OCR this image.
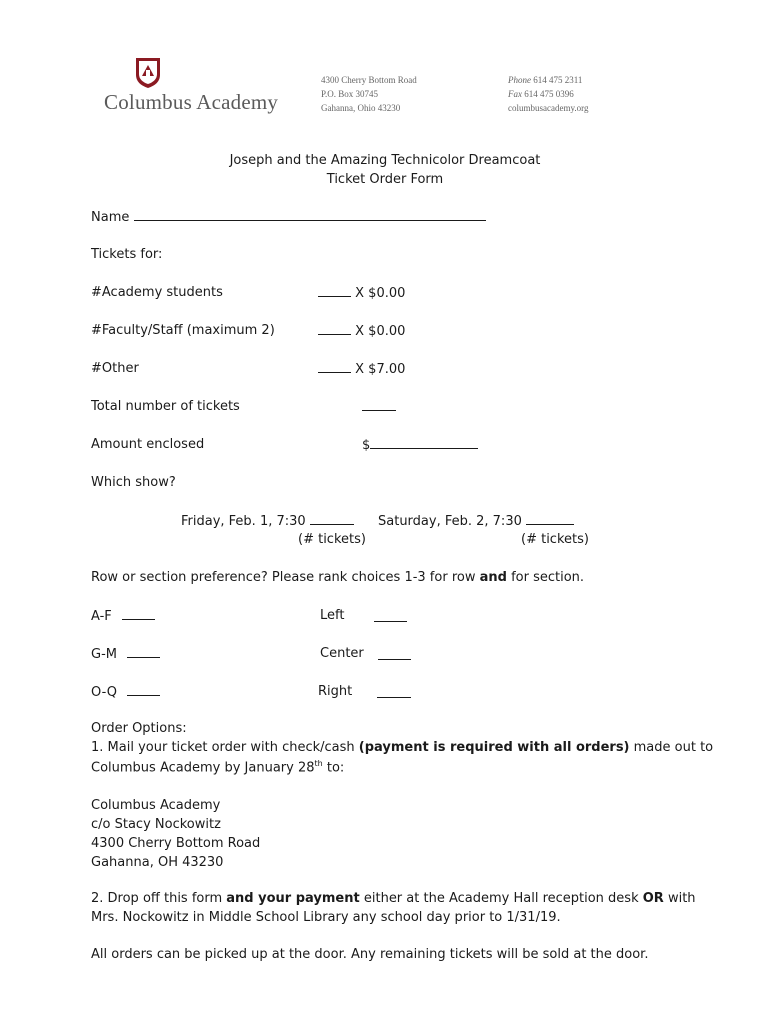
Columbus Academy
4300 Cherry Bottom Road
P.O. Box 30745
Gahanna, Ohio 43230
Phone 614 475 2311
Fax 614 475 0396
columbusacademy.org
Joseph and the Amazing Technicolor Dreamcoat
Ticket Order Form
Name
Tickets for:
#Academy students	X $0.00
#Faculty/Staff (maximum 2)	X $0.00
#Other	X $7.00
Total number of tickets
Amount enclosed	$
Which show?
Friday, Feb. 1, 7:30
(# tickets)
Saturday, Feb. 2, 7:30
(# tickets)
Row or section preference? Please rank choices 1-3 for row and for section.
A-F	Left
G-M	Center
O-Q	Right
Order Options:
1. Mail your ticket order with check/cash (payment is required with all orders) made out to
Columbus Academy by January 28th to:
Columbus Academy
c/o Stacy Nockowitz
4300 Cherry Bottom Road
Gahanna, OH 43230
2. Drop off this form and your payment either at the Academy Hall reception desk OR with
Mrs. Nockowitz in Middle School Library any school day prior to 1/31/19.
All orders can be picked up at the door. Any remaining tickets will be sold at the door.
